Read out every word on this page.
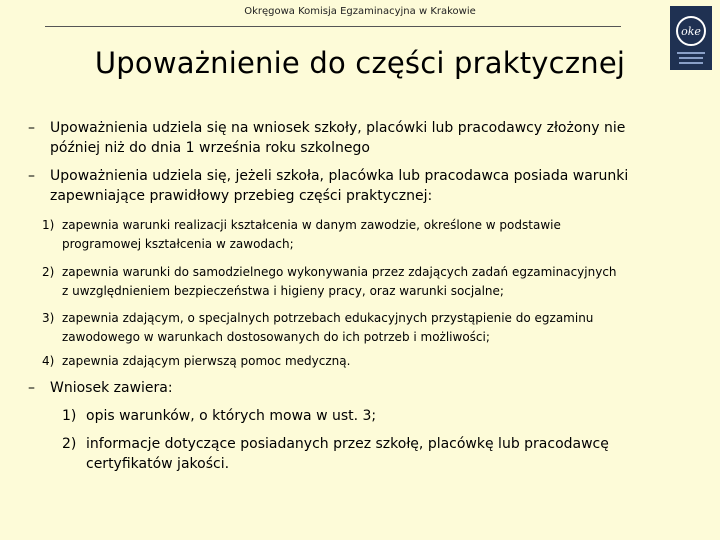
Okręgowa Komisja Egzaminacyjna w Krakowie
oke
Upoważnienie do części praktycznej
–	Upoważnienia udziela się na wniosek szkoły, placówki lub pracodawcy złożony nie
później niż do dnia 1 września roku szkolnego
–	Upoważnienia udziela się, jeżeli szkoła, placówka lub pracodawca posiada warunki
zapewniające prawidłowy przebieg części praktycznej:
1) zapewnia warunki realizacji kształcenia w danym zawodzie, określone w podstawie
programowej kształcenia w zawodach;
2) zapewnia warunki do samodzielnego wykonywania przez zdających zadań egzaminacyjnych
z uwzględnieniem bezpieczeństwa i higieny pracy, oraz warunki socjalne;
3) zapewnia zdającym, o specjalnych potrzebach edukacyjnych przystąpienie do egzaminu
zawodowego w warunkach dostosowanych do ich potrzeb i możliwości;
4) zapewnia zdającym pierwszą pomoc medyczną.
–	Wniosek zawiera:
1) opis warunków, o których mowa w ust. 3;
2) informacje dotyczące posiadanych przez szkołę, placówkę lub pracodawcę
certyfikatów jakości.
